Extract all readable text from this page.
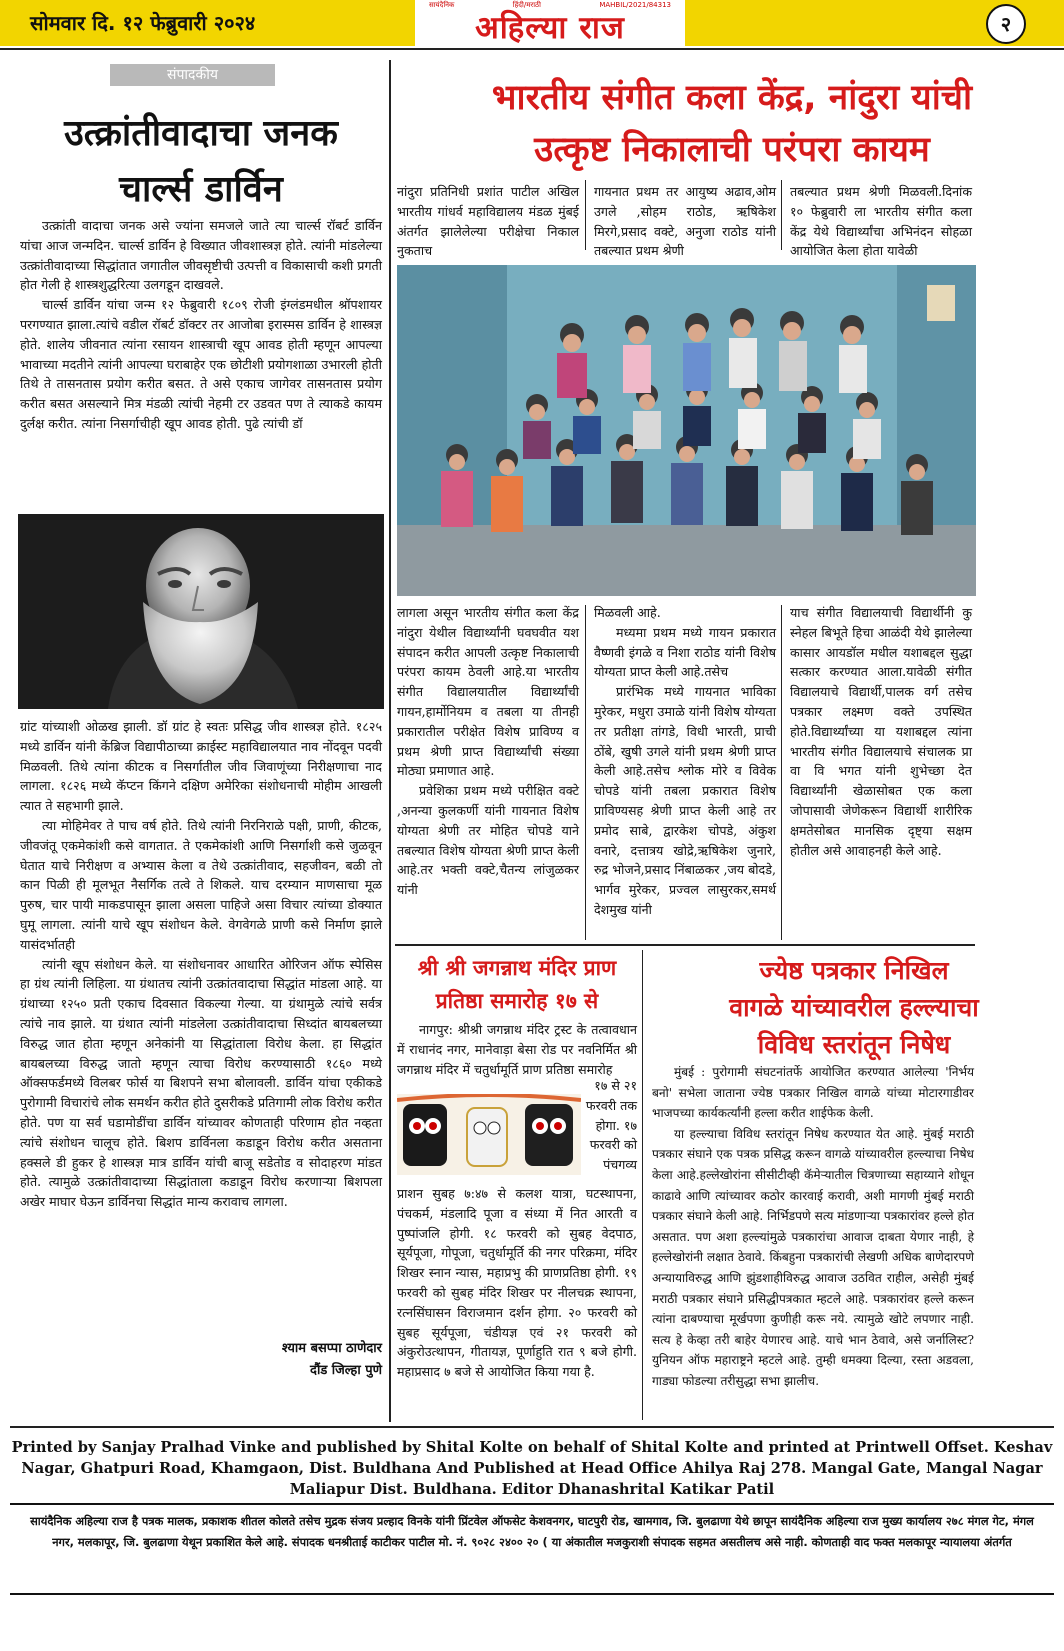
सोमवार दि. १२ फेब्रुवारी २०२४
सायंदैनिक	हिंदी/मराठी	MAHBIL/2021/84313
अहिल्या राज	२
संपादकीय
उत्क्रांतीवादाचा जनक
चार्ल्स डार्विन

उत्क्रांती वादाचा जनक असे ज्यांना समजले जाते त्या चार्ल्स रॉबर्ट डार्विन यांचा आज जन्मदिन. चार्ल्स डार्विन हे विख्यात जीवशास्त्रज्ञ होते. त्यांनी मांडलेल्या उत्क्रांतीवादाच्या सिद्धांतात जगातील जीवसृष्टीची उत्पत्ती व विकासाची कशी प्रगती होत गेली हे शास्त्रशुद्धरित्या उलगडून दाखवले.

चार्ल्स डार्विन यांचा जन्म १२ फेब्रुवारी १८०९ रोजी इंग्लंडमधील श्रॉपशायर परगण्यात झाला.त्यांचे वडील रॉबर्ट डॉक्टर तर आजोबा इरास्मस डार्विन हे शास्त्रज्ञ होते. शालेय जीवनात त्यांना रसायन शास्त्राची खूप आवड होती म्हणून आपल्या भावाच्या मदतीने त्यांनी आपल्या घराबाहेर एक छोटीशी प्रयोगशाळा उभारली होती तिथे ते तासनतास प्रयोग करीत बसत. ते असे एकाच जागेवर तासनतास प्रयोग करीत बसत असल्याने मित्र मंडळी त्यांची नेहमी टर उडवत पण ते त्याकडे कायम दुर्लक्ष करीत. त्यांना निसर्गाचीही खूप आवड होती. पुढे त्यांची डॉ

ग्रांट यांच्याशी ओळख झाली. डॉ ग्रांट हे स्वतः प्रसिद्ध जीव शास्त्रज्ञ होते. १८२५ मध्ये डार्विन यांनी केंब्रिज विद्यापीठाच्या क्राईस्ट महाविद्यालयात नाव नोंदवून पदवी मिळवली. तिथे त्यांना कीटक व निसर्गातील जीव जिवाणूंच्या निरीक्षणाचा नाद लागला. १८२६ मध्ये कॅप्टन किंगने दक्षिण अमेरिका संशोधनाची मोहीम आखली त्यात ते सहभागी झाले.

त्या मोहिमेवर ते पाच वर्ष होते. तिथे त्यांनी निरनिराळे पक्षी, प्राणी, कीटक, जीवजंतू एकमेकांशी कसे वागतात. ते एकमेकांशी आणि निसर्गाशी कसे जुळवून घेतात याचे निरीक्षण व अभ्यास केला व तेथे उत्क्रांतीवाद, सहजीवन, बळी तो कान पिळी ही मूलभूत नैसर्गिक तत्वे ते शिकले. याच दरम्यान माणसाचा मूळ पुरुष, चार पायी माकडपासून झाला असला पाहिजे असा विचार त्यांच्या डोक्यात घुमू लागला. त्यांनी याचे खूप संशोधन केले. वेगवेगळे प्राणी कसे निर्माण झाले यासंदर्भातही

त्यांनी खूप संशोधन केले. या संशोधनावर आधारित ओरिजन ऑफ स्पेसिस हा ग्रंथ त्यांनी लिहिला. या ग्रंथातच त्यांनी उत्क्रांतवादाचा सिद्धांत मांडला आहे. या ग्रंथाच्या १२५० प्रती एकाच दिवसात विकल्या गेल्या. या ग्रंथामुळे त्यांचे सर्वत्र त्यांचे नाव झाले. या ग्रंथात त्यांनी मांडलेला उत्क्रांतीवादाचा सिध्दांत बायबलच्या विरुद्ध जात होता म्हणून अनेकांनी या सिद्धांताला विरोध केला. हा सिद्धांत बायबलच्या विरुद्ध जातो म्हणून त्याचा विरोध करण्यासाठी १८६० मध्ये ऑक्सफर्डमध्ये विलबर फोर्स या बिशपने सभा बोलावली. डार्विन यांचा एकीकडे पुरोगामी विचारांचे लोक समर्थन करीत होते दुसरीकडे प्रतिगामी लोक विरोध करीत होते. पण या सर्व घडामोडींचा डार्विन यांच्यावर कोणताही परिणाम होत नव्हता त्यांचे संशोधन चालूच होते. बिशप डार्विनला कडाडून विरोध करीत असताना हक्सले डी हुकर हे शास्त्रज्ञ मात्र डार्विन यांची बाजू सडेतोड व सोदाहरण मांडत होते. त्यामुळे उत्क्रांतीवादाच्या सिद्धांताला कडाडून विरोध करणाऱ्या बिशपला अखेर माघार घेऊन डार्विनचा सिद्धांत मान्य करावाच लागला.

श्याम बसप्पा ठाणेदार
दौंड जिल्हा पुणे
भारतीय संगीत कला केंद्र, नांदुरा यांची
उत्कृष्ट निकालाची परंपरा कायम

नांदुरा प्रतिनिधी प्रशांत पाटील अखिल भारतीय गांधर्व महाविद्यालय मंडळ मुंबई अंतर्गत झालेलेल्या परीक्षेचा निकाल नुकताच

गायनात प्रथम तर आयुष्य अढाव,ओम उगले ,सोहम राठोड, ऋषिकेश मिरगे,प्रसाद वक्टे, अनुजा राठोड यांनी तबल्यात प्रथम श्रेणी

तबल्यात प्रथम श्रेणी मिळवली.दिनांक १० फेब्रुवारी ला भारतीय संगीत कला केंद्र येथे विद्यार्थ्यांचा अभिनंदन सोहळा आयोजित केला होता यावेळी

लागला असून भारतीय संगीत कला केंद्र नांदुरा येथील विद्यार्थ्यांनी घवघवीत यश संपादन करीत आपली उत्कृष्ट निकालाची परंपरा कायम ठेवली आहे.या भारतीय संगीत विद्यालयातील विद्यार्थ्यांची गायन,हार्मोनियम व तबला या तीनही प्रकारातील परीक्षेत विशेष प्राविण्य व प्रथम श्रेणी प्राप्त विद्यार्थ्यांची संख्या मोठ्या प्रमाणात आहे.

प्रवेशिका प्रथम मध्ये परीक्षित वक्टे ,अनन्या कुलकर्णी यांनी गायनात विशेष योग्यता श्रेणी तर मोहित चोपडे याने तबल्यात विशेष योग्यता श्रेणी प्राप्त केली आहे.तर भक्ती वक्टे,चैतन्य लांजुळकर यांनी

मिळवली आहे.

मध्यमा प्रथम मध्ये गायन प्रकारात वैष्णवी इंगळे व निशा राठोड यांनी विशेष योग्यता प्राप्त केली आहे.तसेच

प्रारंभिक मध्ये गायनात भाविका मुरेकर, मधुरा उमाळे यांनी विशेष योग्यता तर प्रतीक्षा तांगडे, विधी भारती, प्राची ठोंबे, खुषी उगले यांनी प्रथम श्रेणी प्राप्त केली आहे.तसेच श्लोक मोरे व विवेक चोपडे यांनी तबला प्रकारात विशेष प्राविण्यसह श्रेणी प्राप्त केली आहे तर प्रमोद साबे, द्वारकेश चोपडे, अंकुश वनारे, दत्तात्रय खोद्रे,ऋषिकेश जुनारे, रुद्र भोजने,प्रसाद निंबाळकर ,जय बोदडे, भार्गव मुरेकर, प्रज्वल लासुरकर,समर्थ देशमुख यांनी

याच संगीत विद्यालयाची विद्यार्थीनी कु स्नेहल बिभूते हिचा आळंदी येथे झालेल्या कासार आयडॉल मधील यशाबद्दल सुद्धा सत्कार करण्यात आला.यावेळी संगीत विद्यालयाचे विद्यार्थी,पालक वर्ग तसेच पत्रकार लक्ष्मण वक्ते उपस्थित होते.विद्यार्थ्यांच्या या यशाबद्दल त्यांना भारतीय संगीत विद्यालयाचे संचालक प्रा वा वि भगत यांनी शुभेच्छा देत विद्यार्थ्यांनी खेळासोबत एक कला जोपासावी जेणेकरून विद्यार्थी शारीरिक क्षमतेसोबत मानसिक दृष्ट्या सक्षम होतील असे आवाहनही केले आहे.

श्री श्री जगन्नाथ मंदिर प्राण
प्रतिष्ठा समारोह १७ से

नागपुर: श्रीश्री जगन्नाथ मंदिर ट्रस्ट के तत्वावधान में राधानंद नगर, मानेवाड़ा बेसा रोड पर नवनिर्मित श्री जगन्नाथ मंदिर में चतुर्धामूर्ति प्राण प्रतिष्ठा समारोह

१७ से २१ फरवरी तक होगा. १७ फरवरी को पंचगव्य

प्राशन सुबह ७:४७ से कलश यात्रा, घटस्थापना, पंचकर्म, मंडलादि पूजा व संध्या में नित आरती व पुष्पांजलि होगी. १८ फरवरी को सुबह वेदपाठ, सूर्यपूजा, गोपूजा, चतुर्धामूर्ति की नगर परिक्रमा, मंदिर शिखर स्नान न्यास, महाप्रभु की प्राणप्रतिष्ठा होगी. १९ फरवरी को सुबह मंदिर शिखर पर नीलचक्र स्थापना, रत्नसिंघासन विराजमान दर्शन होगा. २० फरवरी को सुबह सूर्यपूजा, चंडीयज्ञ एवं २१ फरवरी को अंकुरोउत्थापन, गीतायज्ञ, पूर्णाहुति रात ९ बजे होगी. महाप्रसाद ७ बजे से आयोजित किया गया है.

ज्येष्ठ पत्रकार निखिल
वागळे यांच्यावरील हल्ल्याचा
विविध स्तरांतून निषेध

मुंबई : पुरोगामी संघटनांतर्फे आयोजित करण्यात आलेल्या 'निर्भय बनो' सभेला जाताना ज्येष्ठ पत्रकार निखिल वागळे यांच्या मोटारगाडीवर भाजपच्या कार्यकर्त्यांनी हल्ला करीत शाईफेक केली.

या हल्ल्याचा विविध स्तरांतून निषेध करण्यात येत आहे. मुंबई मराठी पत्रकार संघाने एक पत्रक प्रसिद्ध करून वागळे यांच्यावरील हल्ल्याचा निषेध केला आहे.हल्लेखोरांना सीसीटीव्ही कॅमेऱ्यातील चित्रणाच्या सहाय्याने शोधून काढावे आणि त्यांच्यावर कठोर कारवाई करावी, अशी मागणी मुंबई मराठी पत्रकार संघाने केली आहे. निर्भिडपणे सत्य मांडणाऱ्या पत्रकारांवर हल्ले होत असतात. पण अशा हल्ल्यांमुळे पत्रकारांचा आवाज दाबता येणार नाही, हे हल्लेखोरांनी लक्षात ठेवावे. किंबहुना पत्रकारांची लेखणी अधिक बाणेदारपणे अन्यायाविरुद्ध आणि झुंडशाहीविरुद्ध आवाज उठवित राहील, असेही मुंबई मराठी पत्रकार संघाने प्रसिद्धीपत्रकात म्हटले आहे. पत्रकारांवर हल्ले करून त्यांना दाबण्याचा मूर्खपणा कुणीही करू नये. त्यामुळे खोटे लपणार नाही. सत्य हे केव्हा तरी बाहेर येणारच आहे. याचे भान ठेवावे, असे जर्नालिस्ट? युनियन ऑफ महाराष्ट्रने म्हटले आहे. तुम्ही धमक्या दिल्या, रस्ता अडवला, गाड्या फोडल्या तरीसुद्धा सभा झालीच.

Printed by Sanjay Pralhad Vinke and published by Shital Kolte on behalf of Shital Kolte and printed at Printwell Offset. Keshav Nagar, Ghatpuri Road, Khamgaon, Dist. Buldhana And Published at Head Office Ahilya Raj 278. Mangal Gate, Mangal Nagar Maliapur Dist. Buldhana. Editor Dhanashrital Katikar Patil
सायंदैनिक अहिल्या राज है पत्रक मालक, प्रकाशक शीतल कोलते तसेच मुद्रक संजय प्रल्हाद विनके यांनी प्रिंटवेल ऑफसेट केशवनगर, घाटपुरी रोड, खामगाव, जि. बुलढाणा येथे छापून सायंदैनिक अहिल्या राज मुख्य कार्यालय २७८ मंगल गेट, मंगल नगर, मलकापूर, जि. बुलढाणा येथून प्रकाशित केले आहे. संपादक धनश्रीताई काटीकर पाटील मो. नं. ९०२८ २४०० २० ( या अंकातील मजकुराशी संपादक सहमत असतीलच असे नाही. कोणताही वाद फक्त मलकापूर न्यायालया अंतर्गत
